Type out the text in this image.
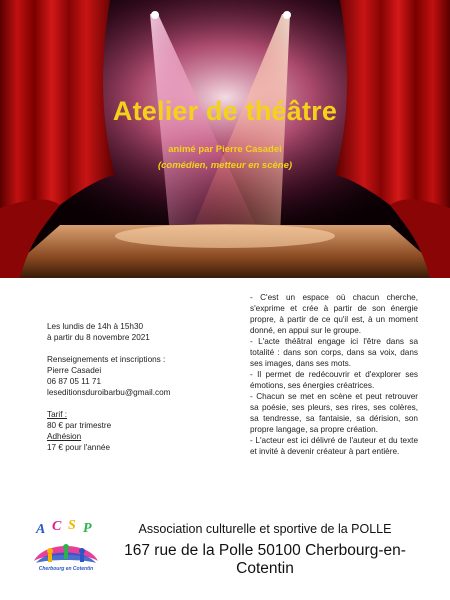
Atelier de théâtre
animé par Pierre Casadei
(comédien, metteur en scène)
Les lundis de 14h à 15h30
à partir du 8 novembre 2021
Renseignements et inscriptions :
Pierre Casadei
06 87 05 11 71
leseditionsduroibarbu@gmail.com
Tarif :
80 € par trimestre
Adhésion
17 € pour l'année

- C'est un espace où chacun cherche, s'exprime et crée à partir de son énergie propre, à partir de ce qu'il est, à un moment donné, en appui sur le groupe.

- L'acte théâtral engage ici l'être dans sa totalité : dans son corps, dans sa voix, dans ses images, dans ses mots.

- Il permet de redécouvrir et d'explorer ses émotions, ses énergies créatrices.

- Chacun se met en scène et peut retrouver sa poésie, ses pleurs, ses rires, ses colères, sa tendresse, sa fantaisie, sa dérision, son propre langage, sa propre création.

- L'acteur est ici délivré de l'auteur et du texte et invité à devenir créateur à part entière.

A C S P
Cherbourg en Cotentin
Association culturelle et sportive de la POLLE
167 rue de la Polle 50100 Cherbourg-en-Cotentin
